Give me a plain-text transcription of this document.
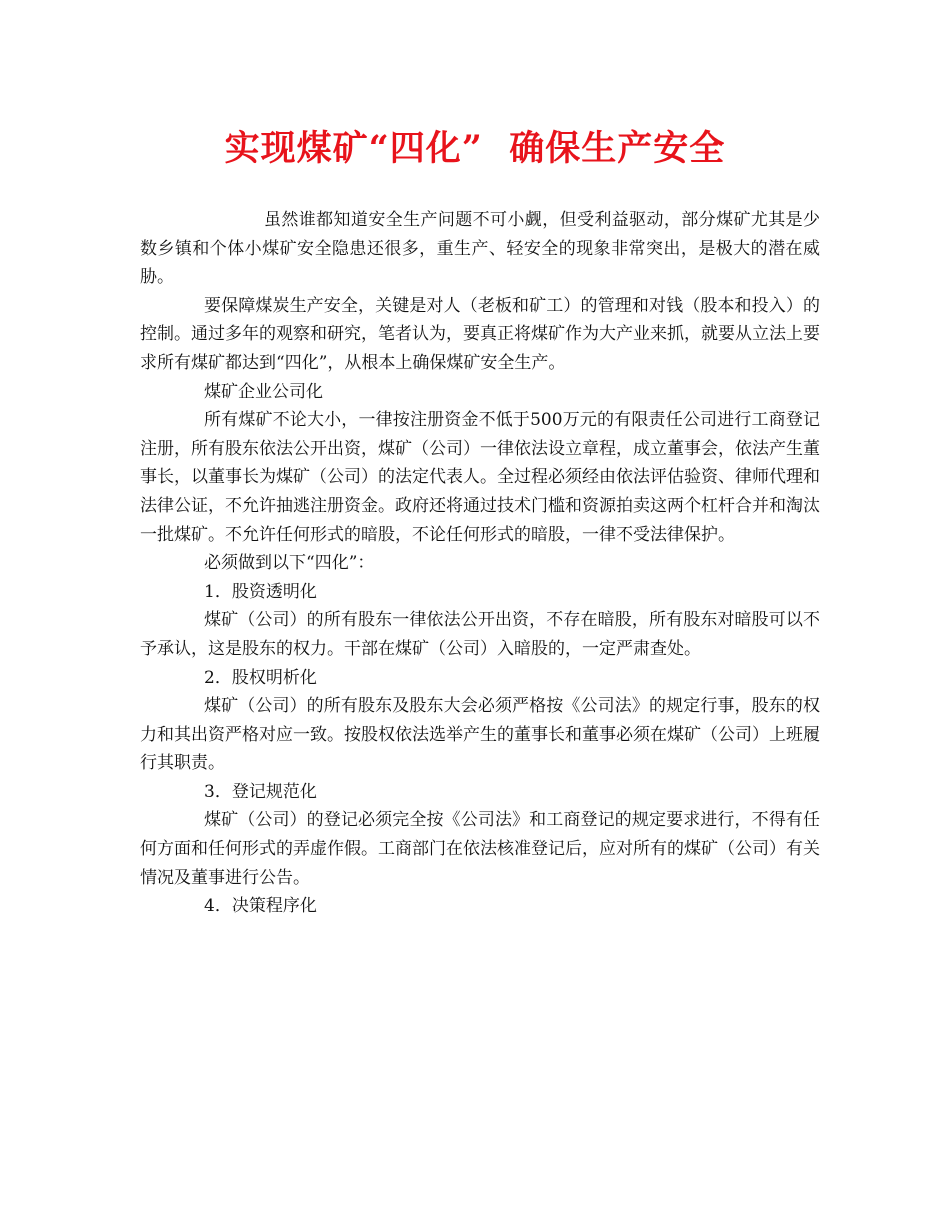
实现煤矿“四化”  确保生产安全

虽然谁都知道安全生产问题不可小觑，但受利益驱动，部分煤矿尤其是少数乡镇和个体小煤矿安全隐患还很多，重生产、轻安全的现象非常突出，是极大的潜在威胁。

要保障煤炭生产安全，关键是对人（老板和矿工）的管理和对钱（股本和投入）的控制。通过多年的观察和研究，笔者认为，要真正将煤矿作为大产业来抓，就要从立法上要求所有煤矿都达到“四化”，从根本上确保煤矿安全生产。

煤矿企业公司化

所有煤矿不论大小，一律按注册资金不低于500万元的有限责任公司进行工商登记注册，所有股东依法公开出资，煤矿（公司）一律依法设立章程，成立董事会，依法产生董事长，以董事长为煤矿（公司）的法定代表人。全过程必须经由依法评估验资、律师代理和法律公证，不允许抽逃注册资金。政府还将通过技术门槛和资源拍卖这两个杠杆合并和淘汰一批煤矿。不允许任何形式的暗股，不论任何形式的暗股，一律不受法律保护。

必须做到以下“四化”：

1．股资透明化

煤矿（公司）的所有股东一律依法公开出资，不存在暗股，所有股东对暗股可以不予承认，这是股东的权力。干部在煤矿（公司）入暗股的，一定严肃查处。

2．股权明析化

煤矿（公司）的所有股东及股东大会必须严格按《公司法》的规定行事，股东的权力和其出资严格对应一致。按股权依法选举产生的董事长和董事必须在煤矿（公司）上班履行其职责。

3．登记规范化

煤矿（公司）的登记必须完全按《公司法》和工商登记的规定要求进行，不得有任何方面和任何形式的弄虚作假。工商部门在依法核准登记后，应对所有的煤矿（公司）有关情况及董事进行公告。

4．决策程序化
